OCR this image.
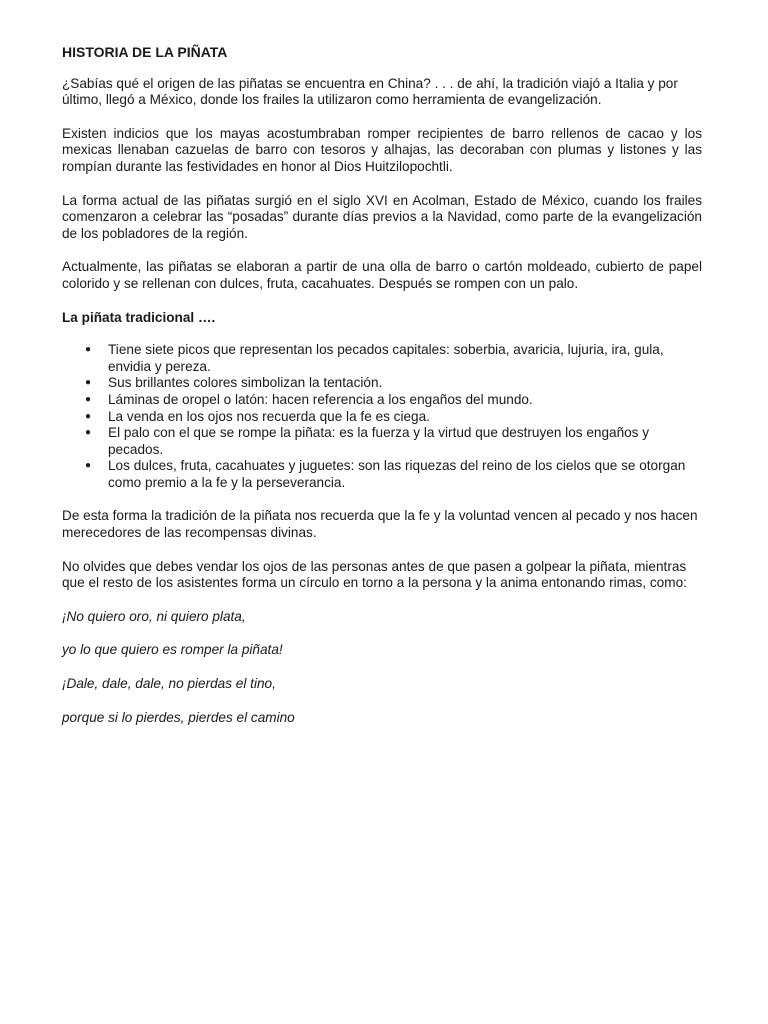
HISTORIA DE LA PIÑATA

¿Sabías qué el origen de las piñatas se encuentra en China? . . . de ahí, la tradición viajó a Italia y por último, llegó a México, donde los frailes la utilizaron como herramienta de evangelización.

Existen indicios que los mayas acostumbraban romper recipientes de barro rellenos de cacao y los mexicas llenaban cazuelas de barro con tesoros y alhajas, las decoraban con plumas y listones y las rompían durante las festividades en honor al Dios Huitzilopochtli.

La forma actual de las piñatas surgió en el siglo XVI en Acolman, Estado de México, cuando los frailes comenzaron a celebrar las “posadas” durante días previos a la Navidad, como parte de la evangelización de los pobladores de la región.

Actualmente, las piñatas se elaboran a partir de una olla de barro o cartón moldeado, cubierto de papel colorido y se rellenan con dulces, fruta, cacahuates. Después se rompen con un palo.

La piñata tradicional ….

● Tiene siete picos que representan los pecados capitales: soberbia, avaricia, lujuria, ira, gula, envidia y pereza.
● Sus brillantes colores simbolizan la tentación.
● Láminas de oropel o latón: hacen referencia a los engaños del mundo.
● La venda en los ojos nos recuerda que la fe es ciega.
● El palo con el que se rompe la piñata: es la fuerza y la virtud que destruyen los engaños y pecados.
● Los dulces, fruta, cacahuates y juguetes: son las riquezas del reino de los cielos que se otorgan como premio a la fe y la perseverancia.

De esta forma la tradición de la piñata nos recuerda que la fe y la voluntad vencen al pecado y nos hacen merecedores de las recompensas divinas.

No olvides que debes vendar los ojos de las personas antes de que pasen a golpear la piñata, mientras que el resto de los asistentes forma un círculo en torno a la persona y la anima entonando rimas, como:

¡No quiero oro, ni quiero plata,

yo lo que quiero es romper la piñata!

¡Dale, dale, dale, no pierdas el tino,

porque si lo pierdes, pierdes el camino
